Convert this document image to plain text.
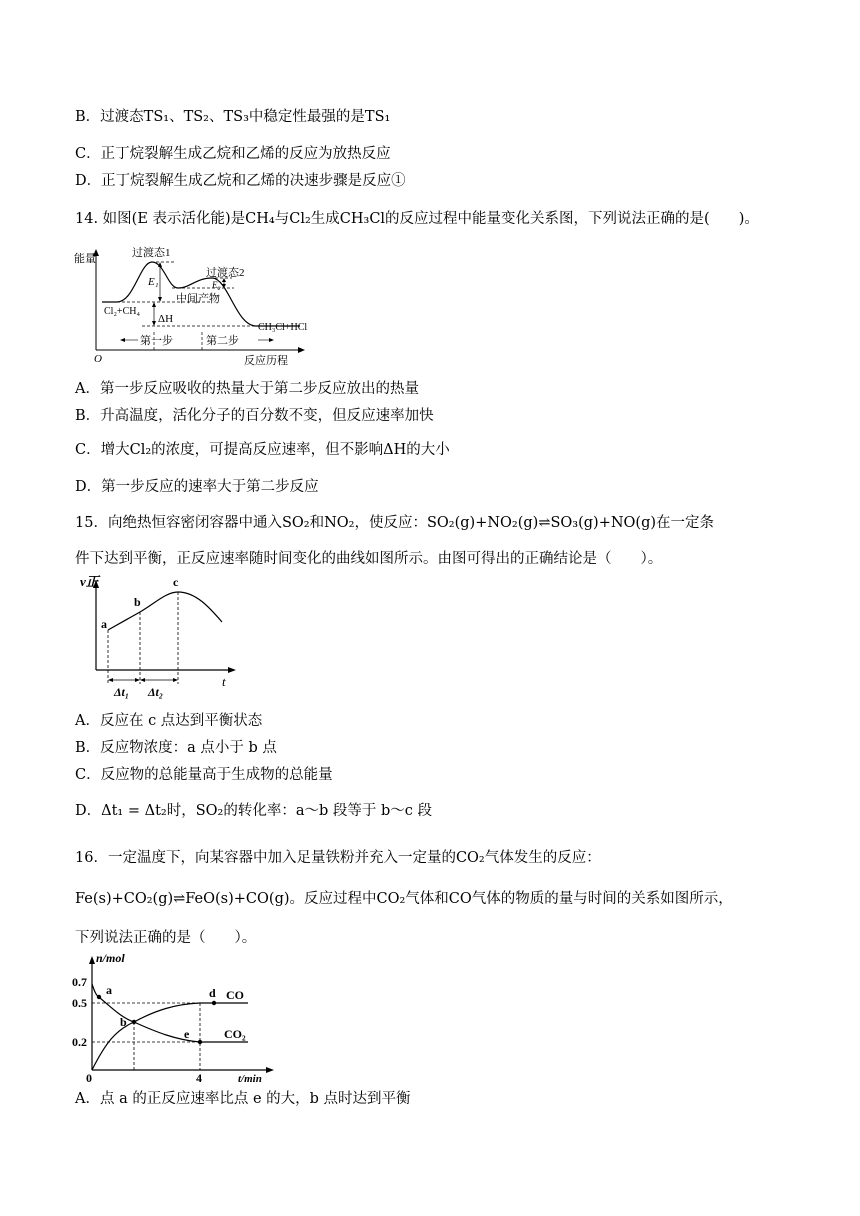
B．过渡态TS₁、TS₂、TS₃中稳定性最强的是TS₁
C．正丁烷裂解生成乙烷和乙烯的反应为放热反应
D．正丁烷裂解生成乙烷和乙烯的决速步骤是反应①
14. 如图(E 表示活化能)是CH₄与Cl₂生成CH₃Cl的反应过程中能量变化关系图，下列说法正确的是(　　)。
能量
O	反应历程
过渡态1
过渡态2
E₁	E₂
中间产物
Cl₂+CH₄
ΔH
CH₃Cl+HCl
第一步	第二步
A．第一步反应吸收的热量大于第二步反应放出的热量
B．升高温度，活化分子的百分数不变，但反应速率加快
C．增大Cl₂的浓度，可提高反应速率，但不影响ΔH的大小
D．第一步反应的速率大于第二步反应
15．向绝热恒容密闭容器中通入SO₂和NO₂，使反应：SO₂(g)+NO₂(g)⇌SO₃(g)+NO(g)在一定条
件下达到平衡，正反应速率随时间变化的曲线如图所示。由图可得出的正确结论是（　　）。
v正
t
a
b
c
Δt₁ Δt₂
A．反应在 c 点达到平衡状态
B．反应物浓度：a 点小于 b 点
C．反应物的总能量高于生成物的总能量
D．Δt₁ = Δt₂时，SO₂的转化率：a～b 段等于 b～c 段
16．一定温度下，向某容器中加入足量铁粉并充入一定量的CO₂气体发生的反应：
Fe(s)+CO₂(g)⇌FeO(s)+CO(g)。反应过程中CO₂气体和CO气体的物质的量与时间的关系如图所示，
下列说法正确的是（　　）。
n/mol
t/min
0
0.7
0.5
0.2
4
a
b
d
e
CO
CO₂
A．点 a 的正反应速率比点 e 的大，b 点时达到平衡
